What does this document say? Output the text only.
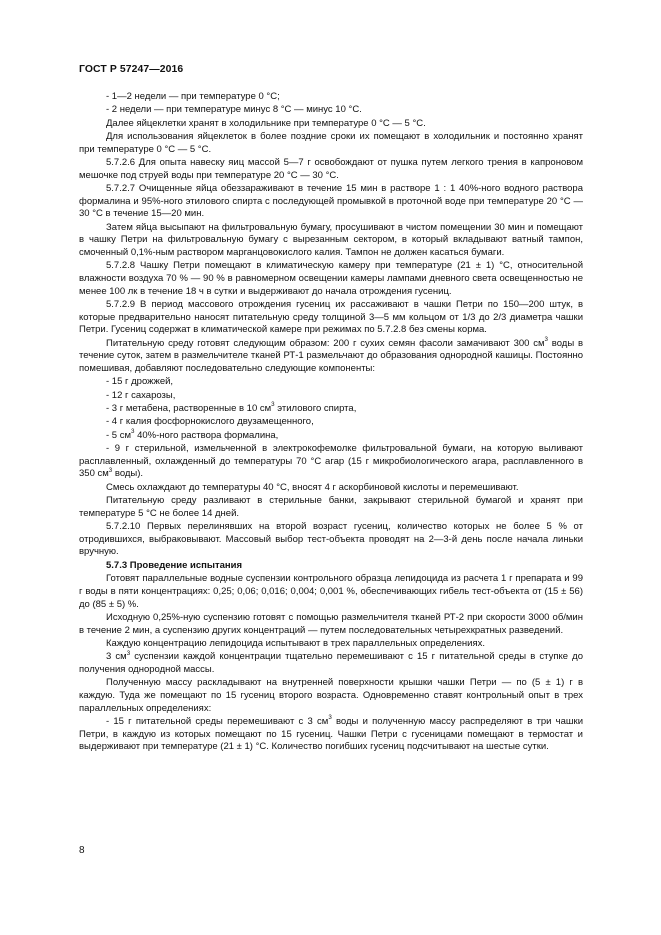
ГОСТ Р 57247—2016

- 1—2 недели — при температуре 0 °С;

- 2 недели — при температуре минус 8 °С — минус 10 °С.

Далее яйцеклетки хранят в холодильнике при температуре 0 °С — 5 °С.

Для использования яйцеклеток в более поздние сроки их помещают в холодильник и постоянно хранят при температуре 0 °С — 5 °С.

5.7.2.6 Для опыта навеску яиц массой 5—7 г освобождают от пушка путем легкого трения в капроновом мешочке под струей воды при температуре 20 °С — 30 °С.

5.7.2.7 Очищенные яйца обеззараживают в течение 15 мин в растворе 1 : 1 40%-ного водного раствора формалина и 95%-ного этилового спирта с последующей промывкой в проточной воде при температуре 20 °С — 30 °С в течение 15—20 мин.

Затем яйца высыпают на фильтровальную бумагу, просушивают в чистом помещении 30 мин и помещают в чашку Петри на фильтровальную бумагу с вырезанным сектором, в который вкладывают ватный тампон, смоченный 0,1%-ным раствором марганцовокислого калия. Тампон не должен касаться бумаги.

5.7.2.8 Чашку Петри помещают в климатическую камеру при температуре (21 ± 1) °С, относительной влажности воздуха 70 % — 90 % в равномерном освещении камеры лампами дневного света освещенностью не менее 100 лк в течение 18 ч в сутки и выдерживают до начала отрождения гусениц.

5.7.2.9 В период массового отрождения гусениц их рассаживают в чашки Петри по 150—200 штук, в которые предварительно наносят питательную среду толщиной 3—5 мм кольцом от 1/3 до 2/3 диаметра чашки Петри. Гусениц содержат в климатической камере при режимах по 5.7.2.8 без смены корма.

Питательную среду готовят следующим образом: 200 г сухих семян фасоли замачивают 300 $см^3$ воды в течение суток, затем в размельчителе тканей РТ-1 размельчают до образования однородной кашицы. Постоянно помешивая, добавляют последовательно следующие компоненты:

- 15 г дрожжей,

- 12 г сахарозы,

- 3 г метабена, растворенные в 10 $см^3$ этилового спирта,

- 4 г калия фосфорнокислого двузамещенного,

- 5 $см^3$ 40%-ного раствора формалина,

- 9 г стерильной, измельченной в электрокофемолке фильтровальной бумаги, на которую выливают расплавленный, охлажденный до температуры 70 °С агар (15 г микробиологического агара, расплавленного в 350 $см^3$ воды).

Смесь охлаждают до температуры 40 °С, вносят 4 г аскорбиновой кислоты и перемешивают.

Питательную среду разливают в стерильные банки, закрывают стерильной бумагой и хранят при температуре 5 °С не более 14 дней.

5.7.2.10 Первых перелинявших на второй возраст гусениц, количество которых не более 5 % от отродившихся, выбраковывают. Массовый выбор тест-объекта проводят на 2—3-й день после начала линьки вручную.

5.7.3 Проведение испытания

Готовят параллельные водные суспензии контрольного образца лепидоцида из расчета 1 г препарата и 99 г воды в пяти концентрациях: 0,25; 0,06; 0,016; 0,004; 0,001 %, обеспечивающих гибель тест-объекта от (15 ± 56) до (85 ± 5) %.

Исходную 0,25%-ную суспензию готовят с помощью размельчителя тканей РТ-2 при скорости 3000 об/мин в течение 2 мин, а суспензию других концентраций — путем последовательных четырехкратных разведений.

Каждую концентрацию лепидоцида испытывают в трех параллельных определениях.

3 $см^3$ суспензии каждой концентрации тщательно перемешивают с 15 г питательной среды в ступке до получения однородной массы.

Полученную массу раскладывают на внутренней поверхности крышки чашки Петри — по (5 ± 1) г в каждую. Туда же помещают по 15 гусениц второго возраста. Одновременно ставят контрольный опыт в трех параллельных определениях:

- 15 г питательной среды перемешивают с 3 $см^3$ воды и полученную массу распределяют в три чашки Петри, в каждую из которых помещают по 15 гусениц. Чашки Петри с гусеницами помещают в термостат и выдерживают при температуре (21 ± 1) °С. Количество погибших гусениц подсчитывают на шестые сутки.

8
